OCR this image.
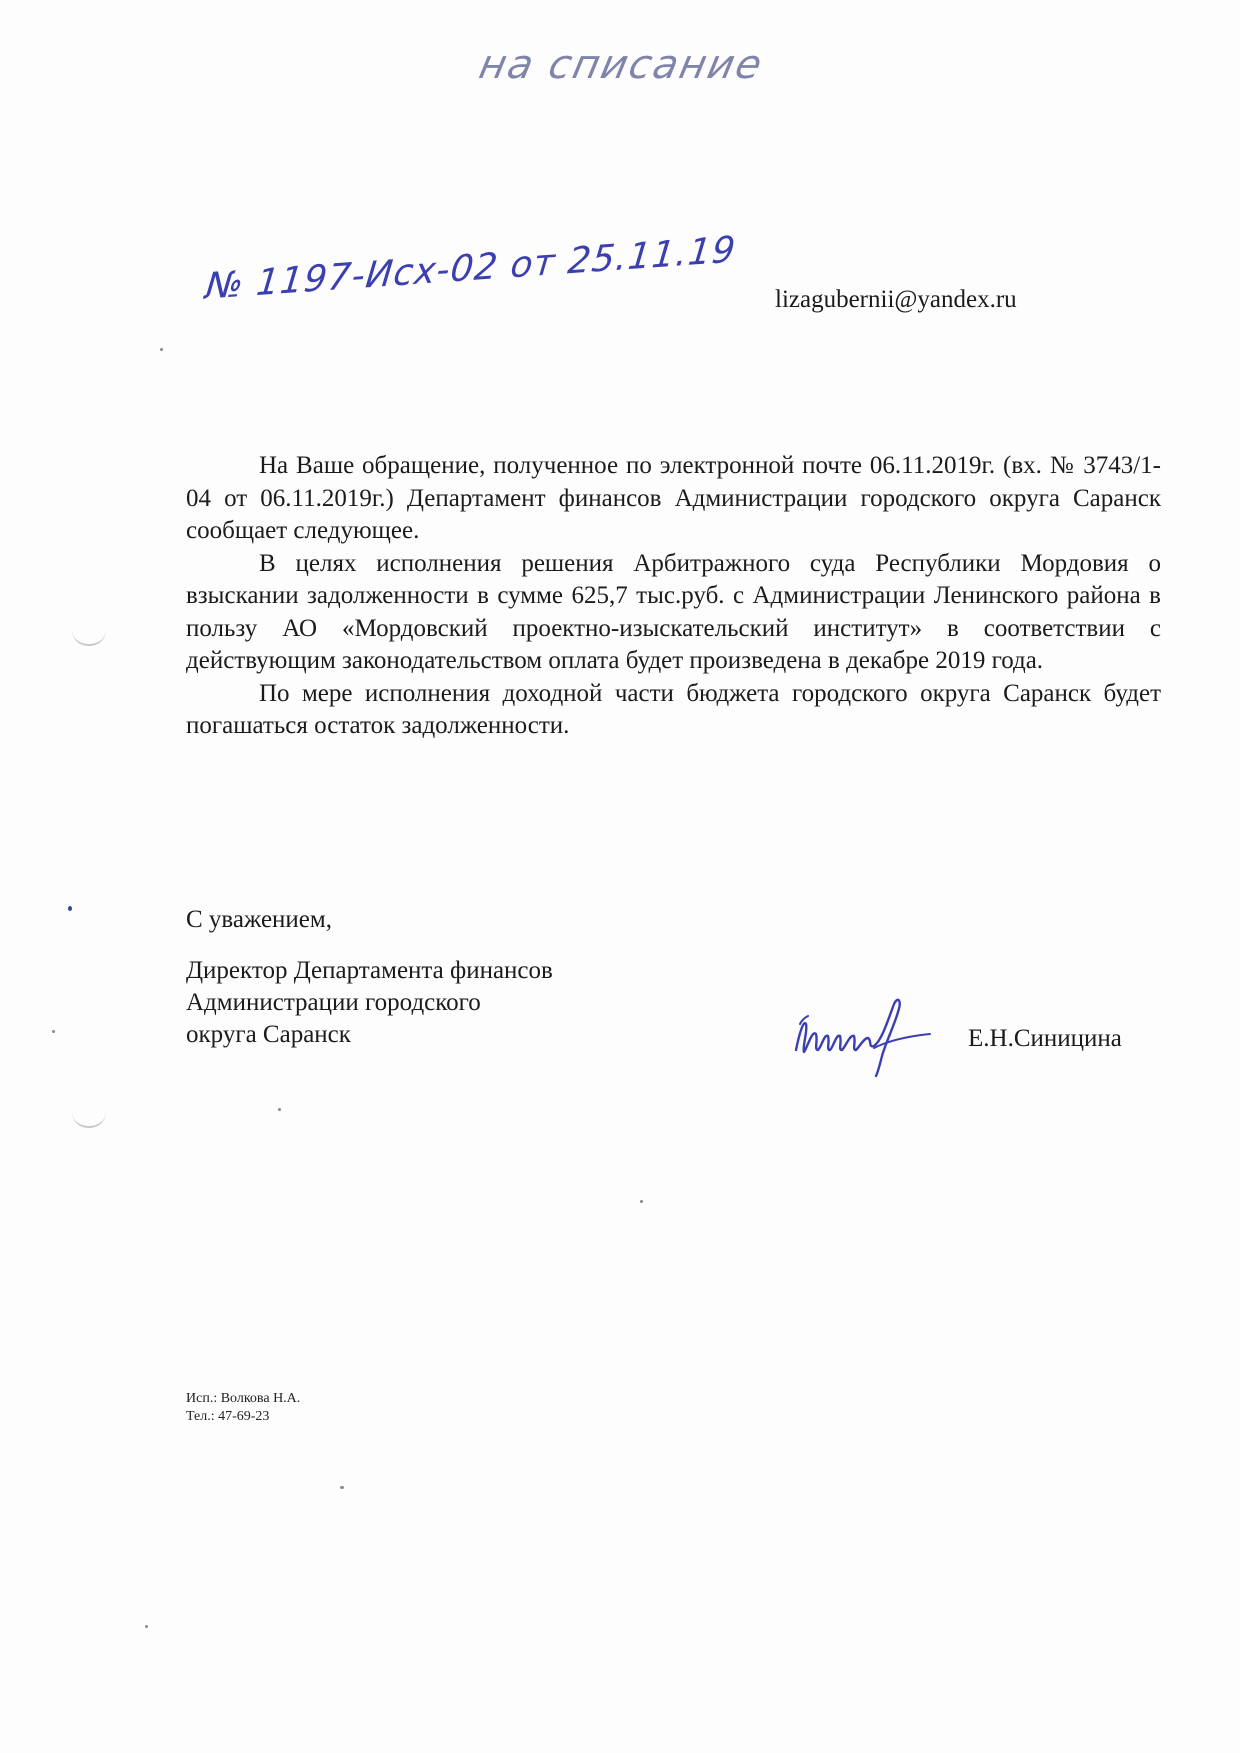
на списание
№ 1197-Исх-02 от 25.11.19 lizagubernii@yandex.ru

На Ваше обращение, полученное по электронной почте 06.11.2019г. (вх. № 3743/1-04 от 06.11.2019г.) Департамент финансов Администрации городского округа Саранск сообщает следующее.

В целях исполнения решения Арбитражного суда Республики Мордовия о взыскании задолженности в сумме 625,7 тыс.руб. с Администрации Ленинского района в пользу АО «Мордовский проектно-изыскательский институт» в соответствии с действующим законодательством оплата будет произведена в декабре 2019 года.

По мере исполнения доходной части бюджета городского округа Саранск будет погашаться остаток задолженности.

С уважением,
Директор Департамента финансов
Администрации городского
округа Саранск	Е.Н.Синицина
Исп.: Волкова Н.А.
Тел.: 47-69-23
